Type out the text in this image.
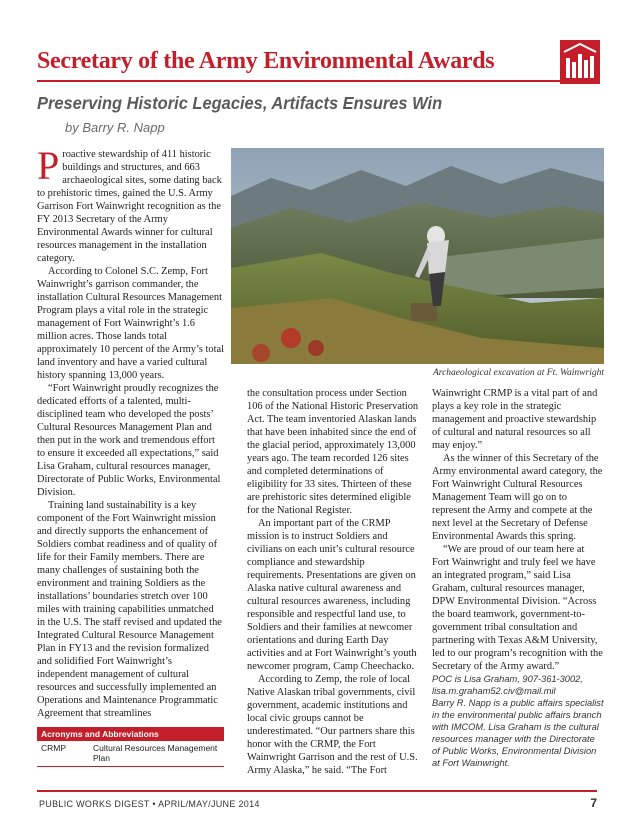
Secretary of the Army Environmental Awards
Preserving Historic Legacies, Artifacts Ensures Win
by Barry R. Napp
P roactive stewardship of 411 historic buildings and structures, and 663 archaeological sites, some dating back to prehistoric times, gained the U.S. Army Garrison Fort Wainwright recognition as the FY 2013 Secretary of the Army Environmental Awards winner for cultural resources management in the installation category.

According to Colonel S.C. Zemp, Fort Wainwright’s garrison commander, the installation Cultural Resources Management Program plays a vital role in the strategic management of Fort Wainwright’s 1.6 million acres. Those lands total approximately 10 percent of the Army’s total land inventory and have a varied cultural history spanning 13,000 years.

“Fort Wainwright proudly recognizes the dedicated efforts of a talented, multi-disciplined team who developed the posts’ Cultural Resources Management Plan and then put in the work and tremendous effort to ensure it exceeded all expectations,” said Lisa Graham, cultural resources manager, Directorate of Public Works, Environmental Division.

Training land sustainability is a key component of the Fort Wainwright mission and directly supports the enhancement of Soldiers combat readiness and of quality of life for their Family members. There are many challenges of sustaining both the environment and training Soldiers as the installations’ boundaries stretch over 100 miles with training capabilities unmatched in the U.S. The staff revised and updated the Integrated Cultural Resource Management Plan in FY13 and the revision formalized and solidified Fort Wainwright’s independent management of cultural resources and successfully implemented an Operations and Maintenance Programmatic Agreement that streamlines

Archaeological excavation at Ft. Wainwright

the consultation process under Section 106 of the National Historic Preservation Act. The team inventoried Alaskan lands that have been inhabited since the end of the glacial period, approximately 13,000 years ago. The team recorded 126 sites and completed determinations of eligibility for 33 sites. Thirteen of these are prehistoric sites determined eligible for the National Register.

An important part of the CRMP mission is to instruct Soldiers and civilians on each unit’s cultural resource compliance and stewardship requirements. Presentations are given on Alaska native cultural awareness and cultural resources awareness, including responsible and respectful land use, to Soldiers and their families at newcomer orientations and during Earth Day activities and at Fort Wainwright’s youth newcomer program, Camp Cheechacko.

According to Zemp, the role of local Native Alaskan tribal governments, civil government, academic institutions and local civic groups cannot be underestimated. “Our partners share this honor with the CRMP, the Fort Wainwright Garrison and the rest of U.S. Army Alaska,” he said. “The Fort

Wainwright CRMP is a vital part of and plays a key role in the strategic management and proactive stewardship of cultural and natural resources so all may enjoy.”

As the winner of this Secretary of the Army environmental award category, the Fort Wainwright Cultural Resources Management Team will go on to represent the Army and compete at the next level at the Secretary of Defense Environmental Awards this spring.

“We are proud of our team here at Fort Wainwright and truly feel we have an integrated program,” said Lisa Graham, cultural resources manager, DPW Environmental Division. “Across the board teamwork, government-to-government tribal consultation and partnering with Texas A&M University, led to our program’s recognition with the Secretary of the Army award.”

POC is Lisa Graham, 907-361-3002, lisa.m.graham52.civ@mail.mil

Barry R. Napp is a public affairs specialist in the environmental public affairs branch with IMCOM. Lisa Graham is the cultural resources manager with the Directorate of Public Works, Environmental Division at Fort Wainwright.

Acronyms and Abbreviations
CRMP	Cultural Resources Management Plan
PUBLIC WORKS DIGEST • APRIL/MAY/JUNE 2014	7
